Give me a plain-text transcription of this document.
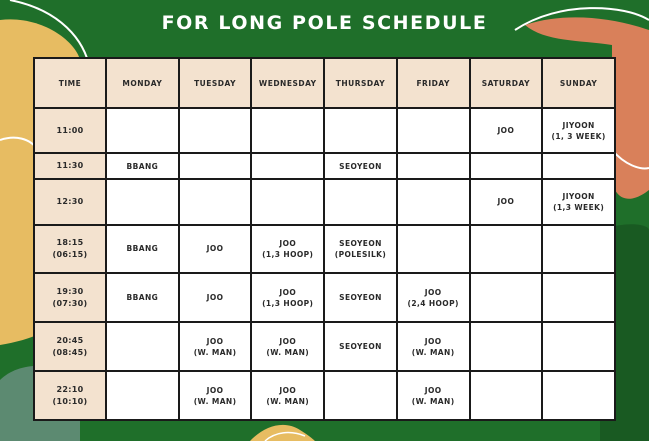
FOR LONG POLE SCHEDULE
TIME	MONDAY	TUESDAY	WEDNESDAY	THURSDAY	FRIDAY	SATURDAY	SUNDAY

11:00						JOO	JIYOON
(1, 3 WEEK)

11:30	BBANG			SEOYEON			

12:30						JOO	JIYOON
(1,3 WEEK)

18:15
(06:15)	BBANG	JOO	JOO
(1,3 HOOP)	SEOYEON
(POLESILK)			

19:30
(07:30)	BBANG	JOO	JOO
(1,3 HOOP)	SEOYEON	JOO
(2,4 HOOP)		

20:45
(08:45)		JOO
(W. MAN)	JOO
(W. MAN)	SEOYEON	JOO
(W. MAN)		

22:10
(10:10)		JOO
(W. MAN)	JOO
(W. MAN)		JOO
(W. MAN)		
